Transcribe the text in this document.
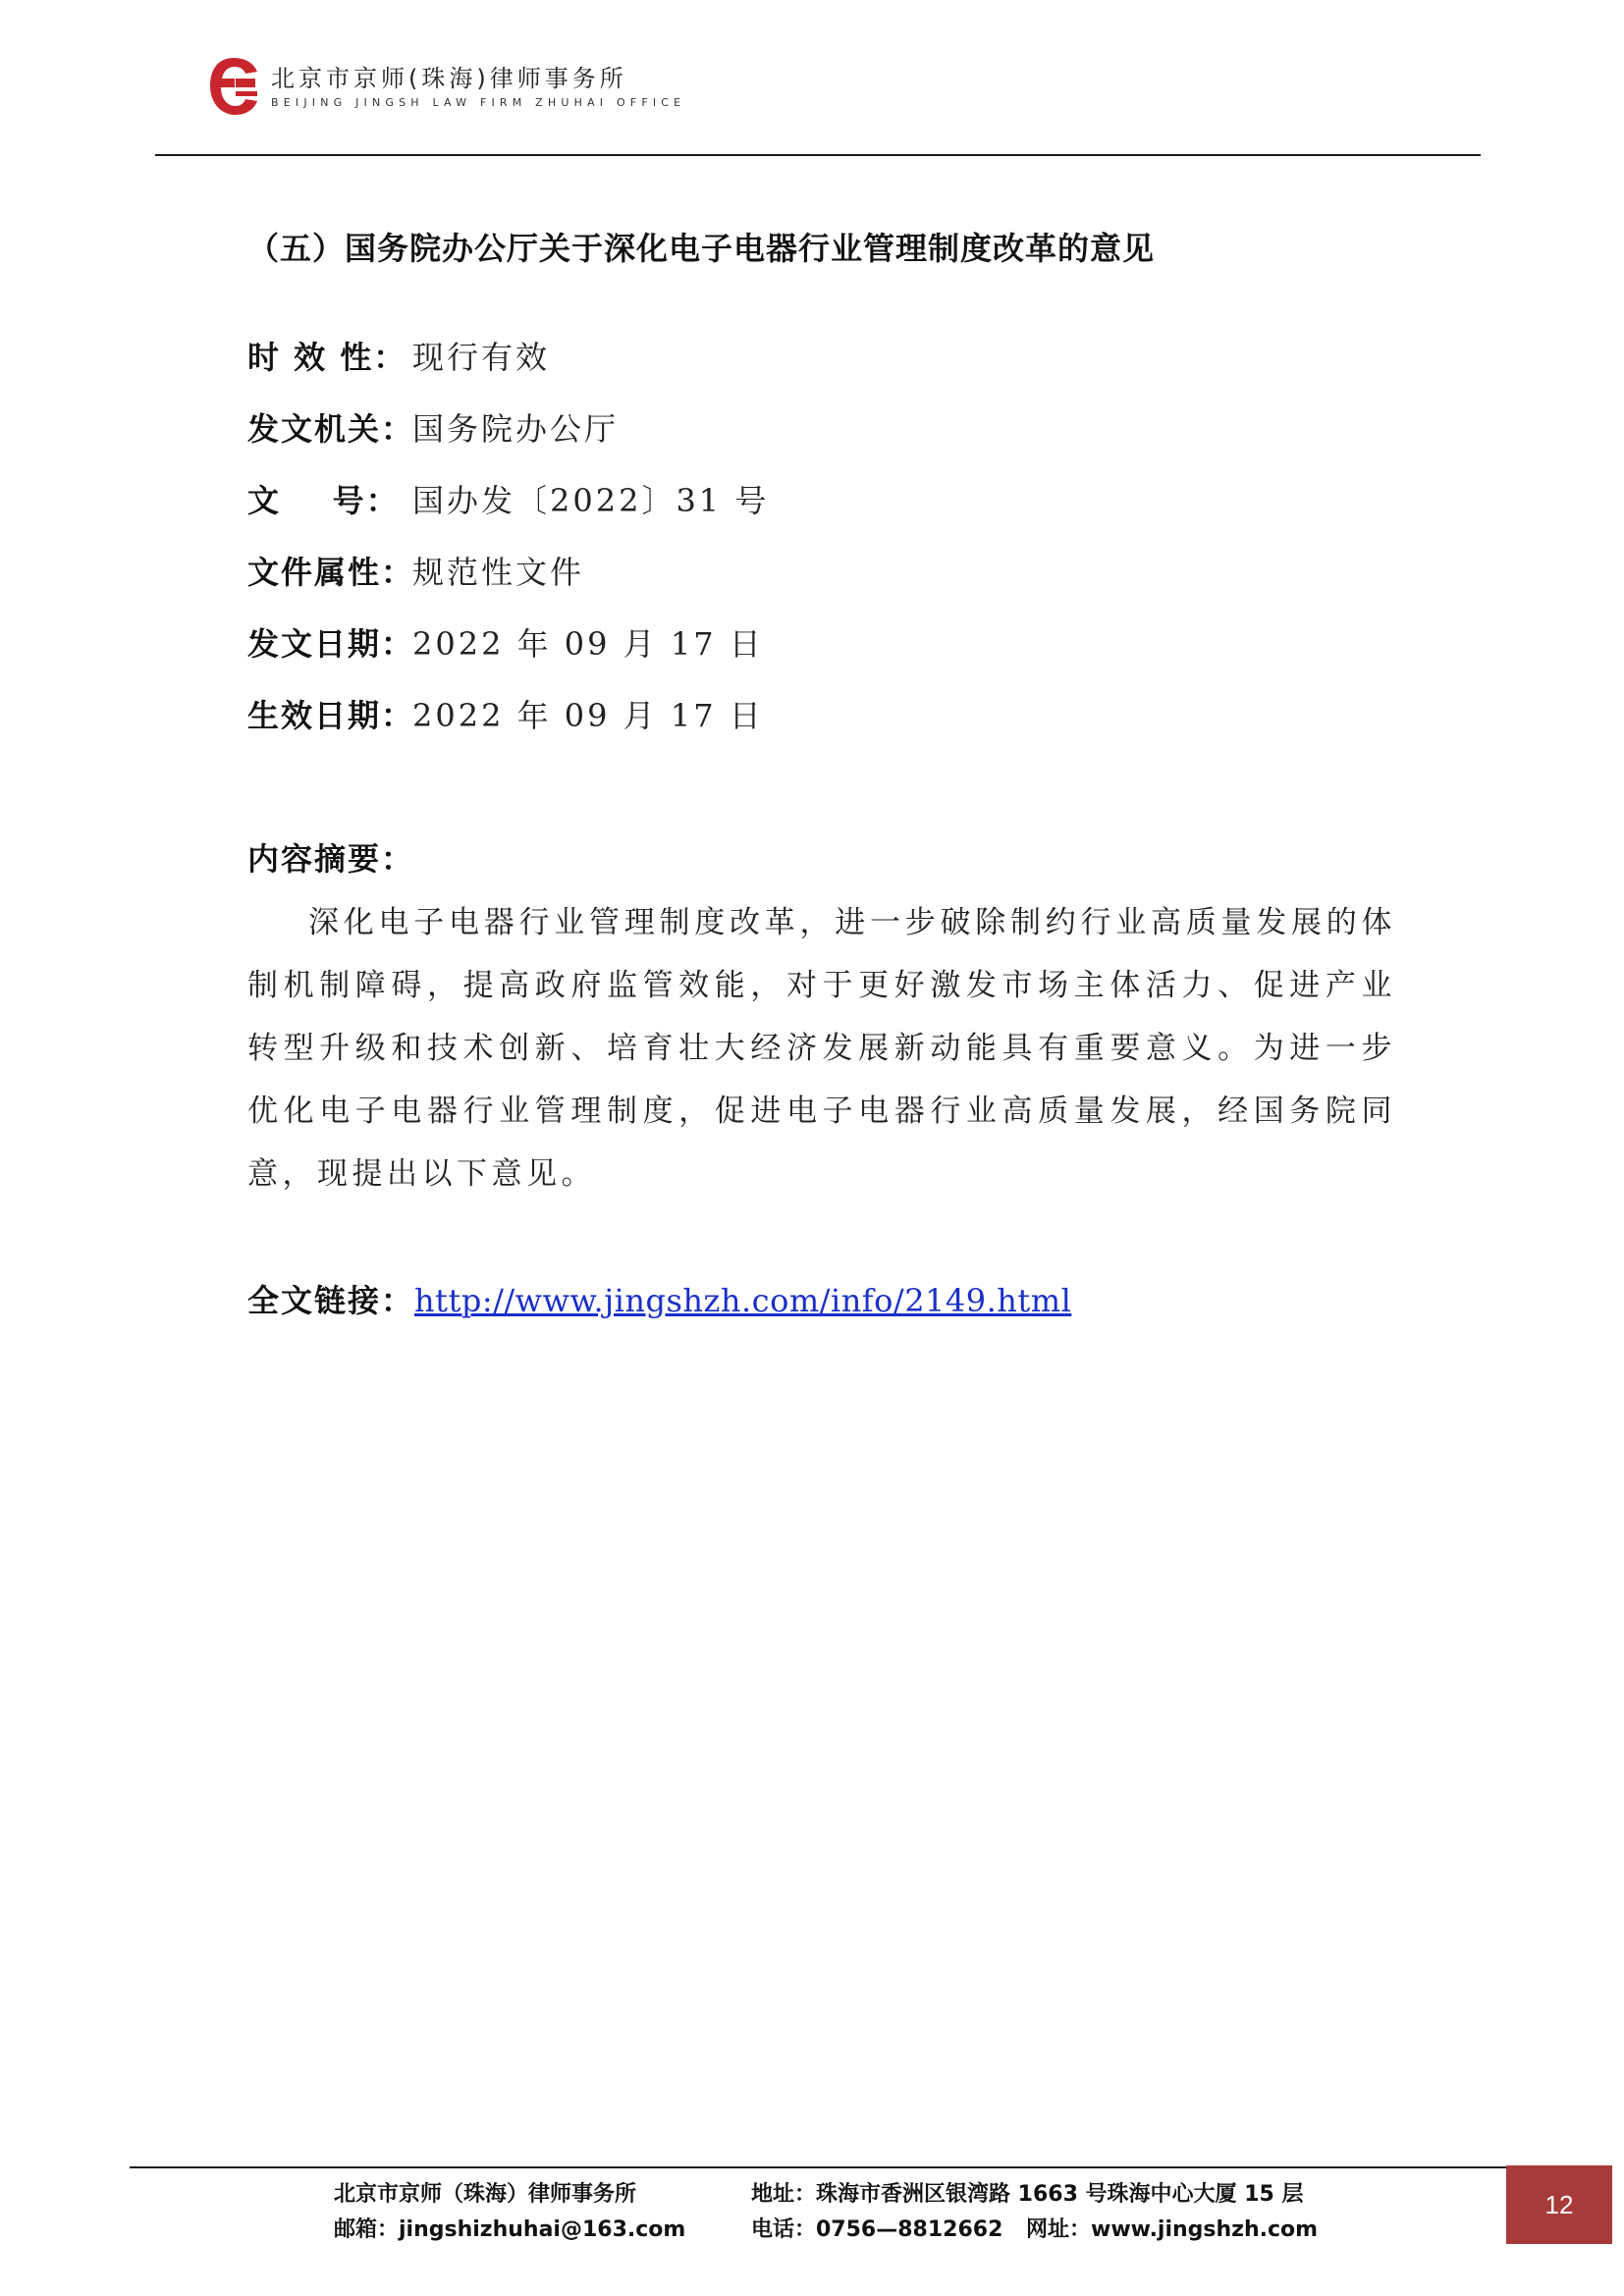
北京市京师(珠海)律师事务所
BEIJING JINGSH LAW FIRM ZHUHAI OFFICE
（五）国务院办公厅关于深化电子电器行业管理制度改革的意见
时 效 性： 现行有效
发文机关：国务院办公厅
文    号： 国办发〔2022〕31 号
文件属性：规范性文件
发文日期：2022 年 09 月 17 日
生效日期：2022 年 09 月 17 日
内容摘要：

深化电子电器行业管理制度改革，进一步破除制约行业高质量发展的体制机制障碍，提高政府监管效能，对于更好激发市场主体活力、促进产业转型升级和技术创新、培育壮大经济发展新动能具有重要意义。为进一步优化电子电器行业管理制度，促进电子电器行业高质量发展，经国务院同意，现提出以下意见。

全文链接：http://www.jingshzh.com/info/2149.html
北京市京师（珠海）律师事务所	地址：珠海市香洲区银湾路 1663 号珠海中心大厦 15 层
邮箱：jingshizhuhai@163.com	电话：0756—8812662 网址：www.jingshzh.com
12
